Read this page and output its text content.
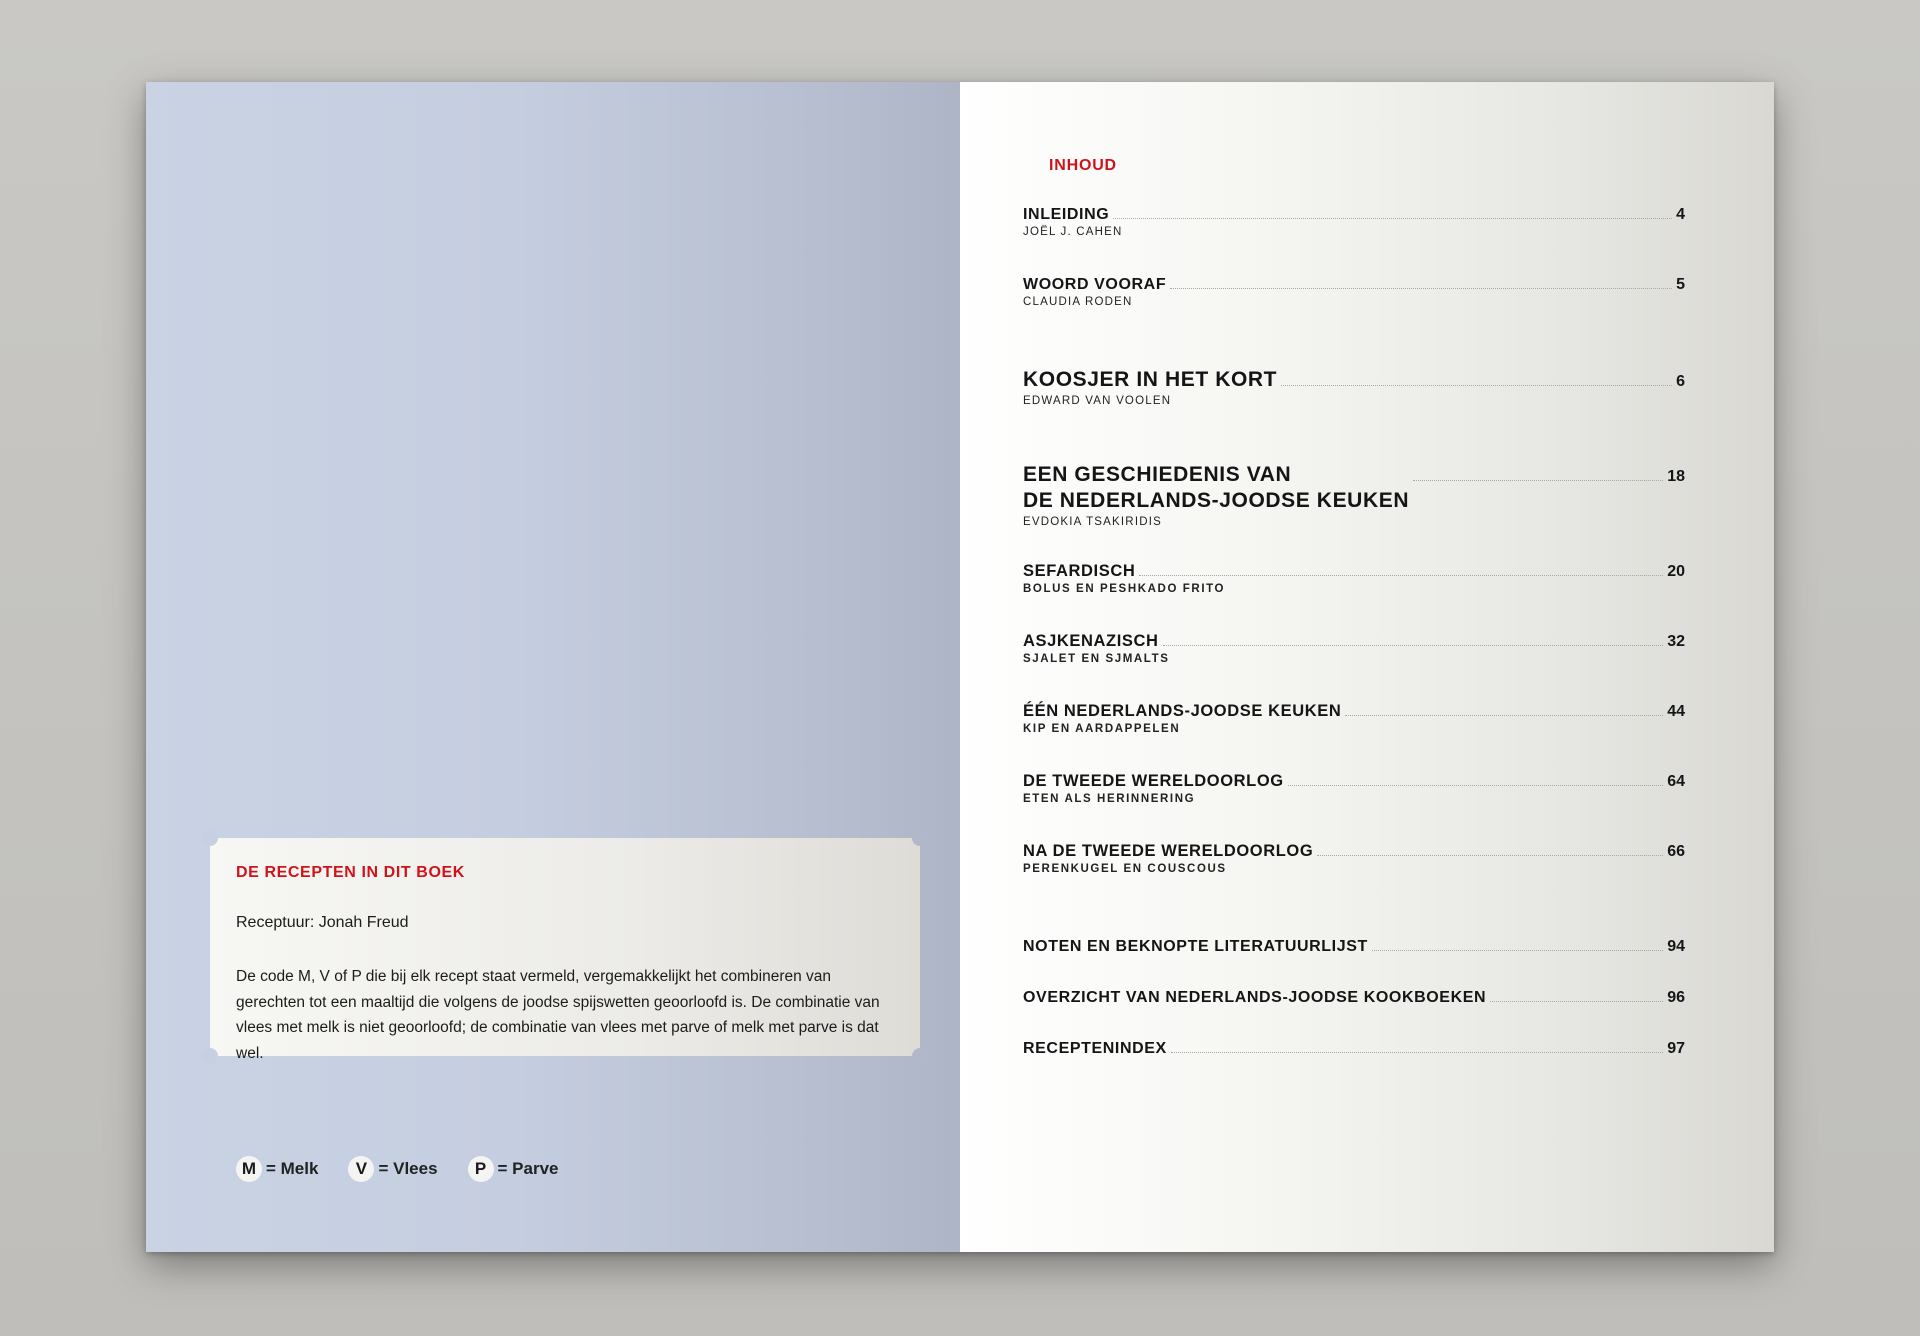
DE RECEPTEN IN DIT BOEK
Receptuur: Jonah Freud
De code M, V of P die bij elk recept staat vermeld, vergemakkelijkt het combineren van gerechten tot een maaltijd die volgens de joodse spijswetten geoorloofd is. De combinatie van vlees met melk is niet geoorloofd; de combinatie van vlees met parve of melk met parve is dat wel.
M = Melk	V = Vlees	P = Parve
INHOUD
INLEIDING	4
JOËL J. CAHEN
WOORD VOORAF	5
CLAUDIA RODEN
KOOSJER IN HET KORT	6
EDWARD VAN VOOLEN
EEN GESCHIEDENIS VAN
DE NEDERLANDS-JOODSE KEUKEN
18
EVDOKIA TSAKIRIDIS
SEFARDISCH	20
BOLUS EN PESHKADO FRITO
ASJKENAZISCH	32
SJALET EN SJMALTS
ÉÉN NEDERLANDS-JOODSE KEUKEN	44
KIP EN AARDAPPELEN
DE TWEEDE WERELDOORLOG	64
ETEN ALS HERINNERING
NA DE TWEEDE WERELDOORLOG	66
PERENKUGEL EN COUSCOUS
NOTEN EN BEKNOPTE LITERATUURLIJST	94
OVERZICHT VAN NEDERLANDS-JOODSE KOOKBOEKEN	96
RECEPTENINDEX	97
